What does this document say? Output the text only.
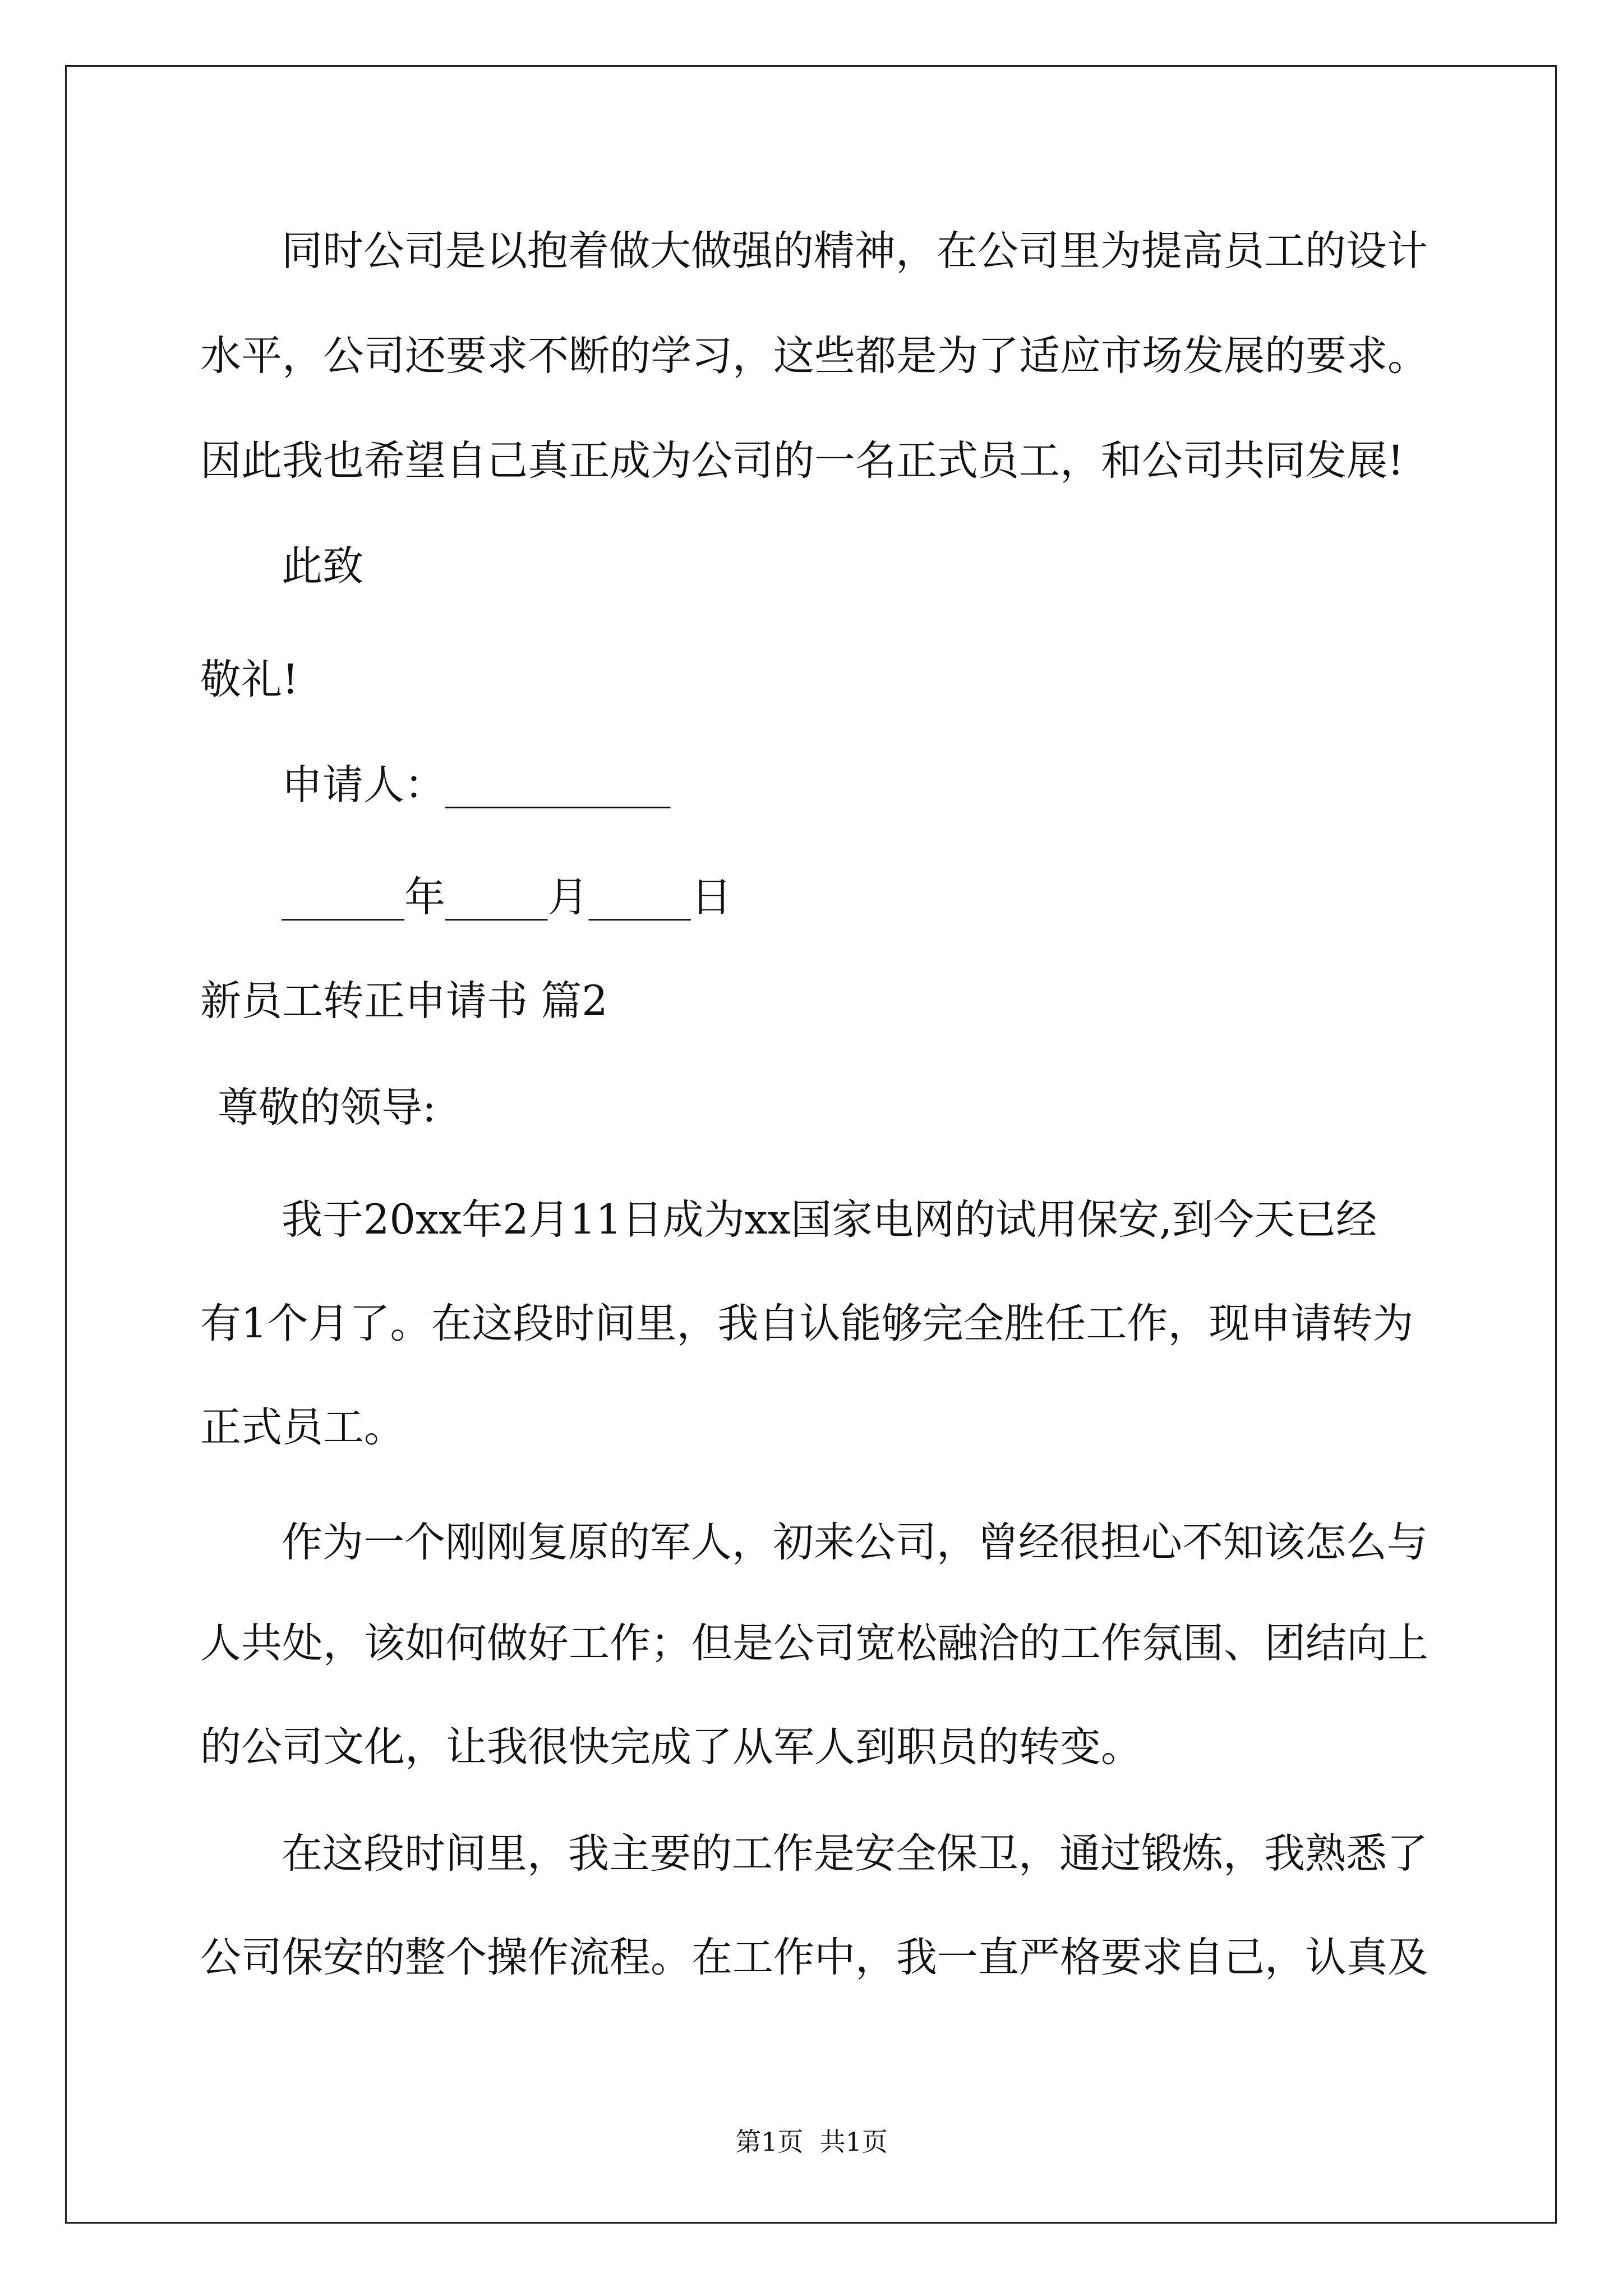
同时公司是以抱着做大做强的精神，在公司里为提高员工的设计
水平，公司还要求不断的学习，这些都是为了适应市场发展的要求。
因此我也希望自己真正成为公司的一名正式员工，和公司共同发展!
此致
敬礼!
申请人：___________
______年_____月_____日
新员工转正申请书 篇2
尊敬的领导:
我于20xx年2月11日成为xx国家电网的试用保安,到今天已经
有1个月了。在这段时间里，我自认能够完全胜任工作，现申请转为
正式员工。
作为一个刚刚复原的军人，初来公司，曾经很担心不知该怎么与
人共处，该如何做好工作；但是公司宽松融洽的工作氛围、团结向上
的公司文化，让我很快完成了从军人到职员的转变。
在这段时间里，我主要的工作是安全保卫，通过锻炼，我熟悉了
公司保安的整个操作流程。在工作中，我一直严格要求自己，认真及
第1页  共1页
